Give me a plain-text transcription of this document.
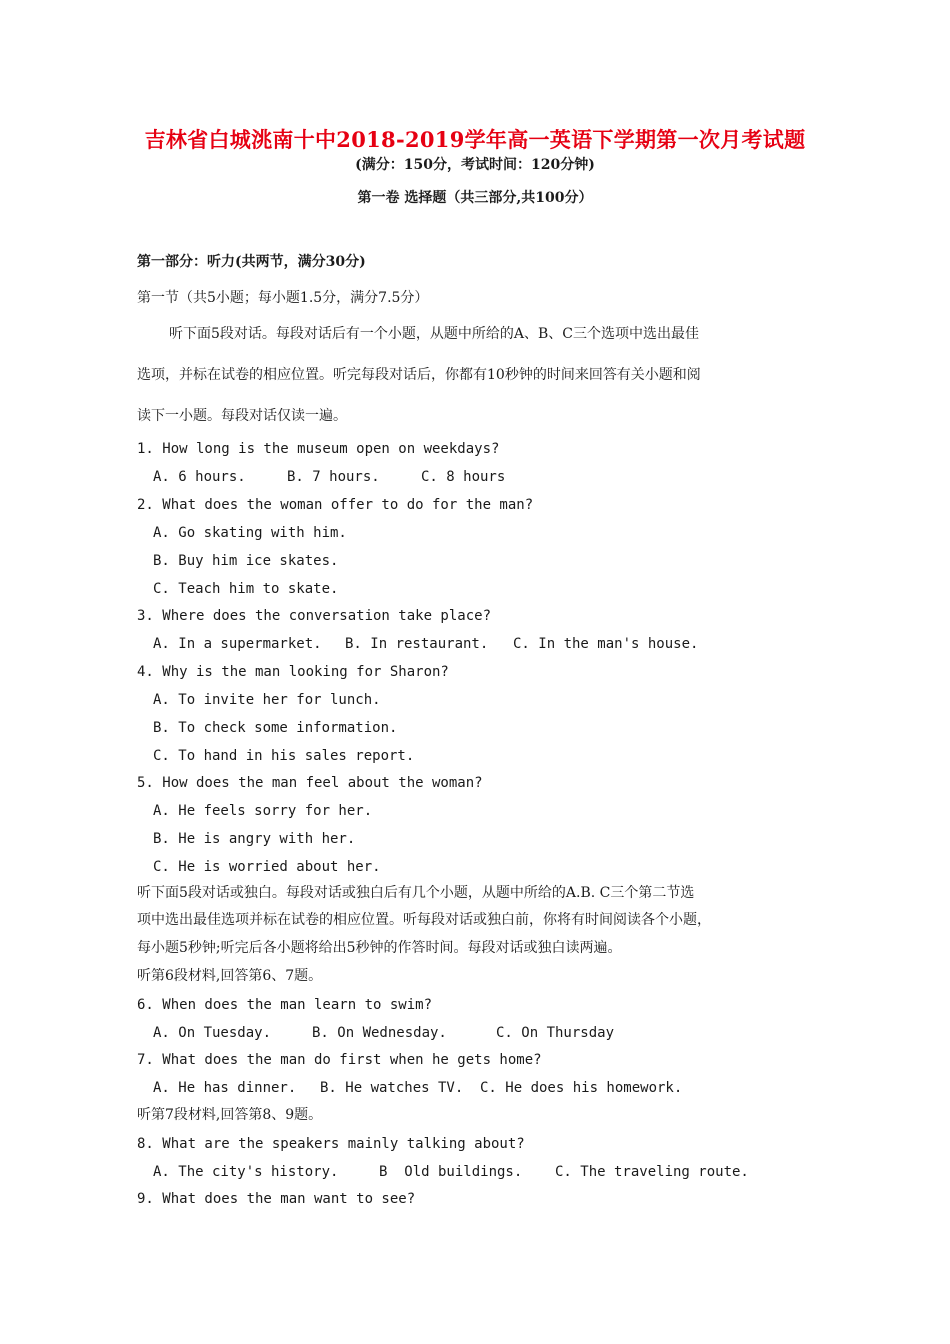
吉林省白城洮南十中2018-2019学年高一英语下学期第一次月考试题
(满分：150分，考试时间：120分钟)
第一卷 选择题（共三部分,共100分）
第一部分：听力(共两节，满分30分)
第一节（共5小题；每小题1.5分，满分7.5分）
听下面5段对话。每段对话后有一个小题，从题中所给的A、B、C三个选项中选出最佳
选项，并标在试卷的相应位置。听完每段对话后，你都有10秒钟的时间来回答有关小题和阅
读下一小题。每段对话仅读一遍。
1. How long is the museum open on weekdays?
A. 6 hours.	B. 7 hours.	C. 8 hours
2. What does the woman offer to do for the man?
A. Go skating with him.
B. Buy him ice skates.
C. Teach him to skate.
3. Where does the conversation take place?
A. In a supermarket. B. In restaurant. C. In the man's house.
4. Why is the man looking for Sharon?
A. To invite her for lunch.
B. To check some information.
C. To hand in his sales report.
5. How does the man feel about the woman?
A. He feels sorry for her.
B. He is angry with her.
C. He is worried about her.
听下面5段对话或独白。每段对话或独白后有几个小题，从题中所给的A.B. C三个第二节选
项中选出最佳选项并标在试卷的相应位置。听每段对话或独白前，你将有时间阅读各个小题，
每小题5秒钟;听完后各小题将给出5秒钟的作答时间。每段对话或独白读两遍。
听第6段材料,回答第6、7题。
6. When does the man learn to swim?
A. On Tuesday.	B. On Wednesday.	C. On Thursday
7. What does the man do first when he gets home?
A. He has dinner. B. He watches TV. C. He does his homework.
听第7段材料,回答第8、9题。
8. What are the speakers mainly talking about?
A. The city's history.	B  Old buildings. C. The traveling route.
9. What does the man want to see?
